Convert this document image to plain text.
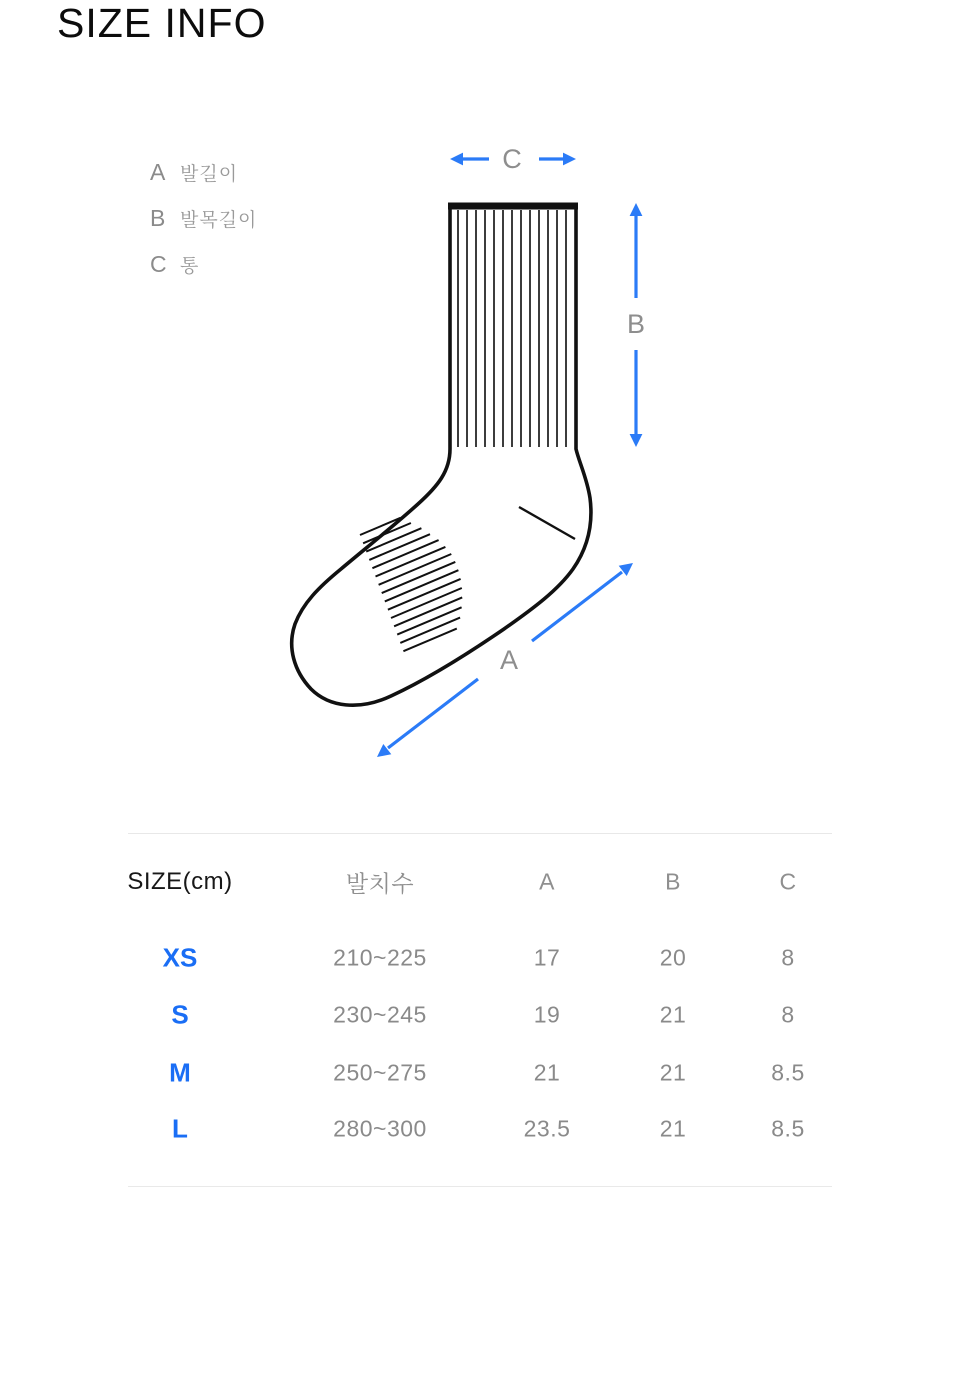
SIZE INFO
A 발길이
B 발목길이
C 통
C
B
A
SIZE(cm)	발치수	A	B	C
XS	210~225	17	20	8
S	230~245	19	21	8
M	250~275	21	21	8.5
L	280~300	23.5	21	8.5
